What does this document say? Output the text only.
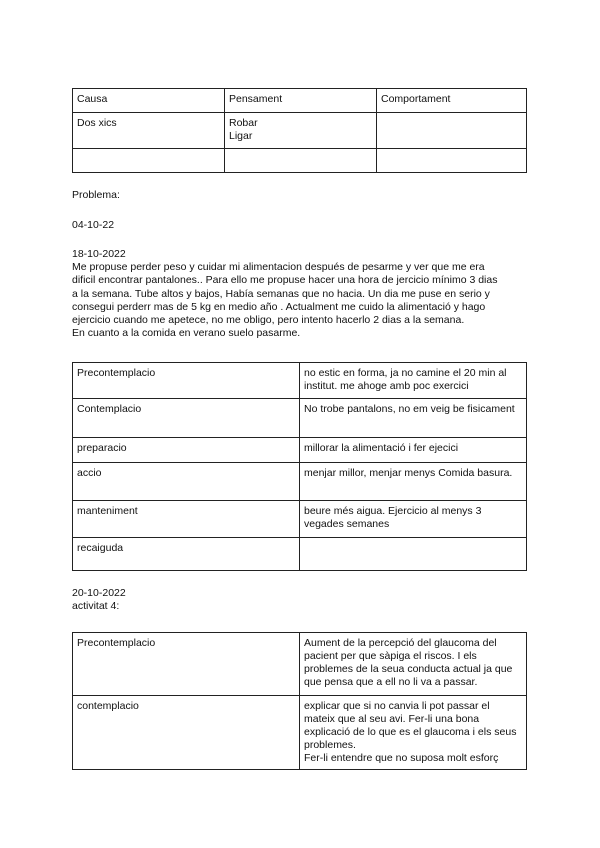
Causa	Pensament	Comportament
Dos xics	Robar
Ligar	

Problema:
04-10-22
18-10-2022
Me propuse perder peso y cuidar mi alimentacion después de pesarme y ver que me era
dificil encontrar pantalones.. Para ello me propuse hacer una hora de jercicio mínimo 3 dias
a la semana. Tube altos y bajos, Había semanas que no hacia. Un dia me puse en serio y
consegui perderr mas de 5 kg en medio año . Actualment me cuido la alimentació y hago
ejercicio cuando me apetece, no me obligo, pero intento hacerlo 2 dias a la semana.
En cuanto a la comida en verano suelo pasarme.
Precontemplacio	no estic en forma, ja no camine el 20 min al institut. me ahoge amb poc exercici
Contemplacio	No trobe pantalons, no em veig be fisicament
preparacio	millorar la alimentació i fer ejecici
accio	menjar millor, menjar menys Comida basura.
manteniment	beure més aigua. Ejercicio al menys 3 vegades semanes
recaiguda	
20-10-2022
activitat 4:
Precontemplacio	Aument de la percepció del glaucoma del pacient per que sàpiga el riscos. I els problemes de la seua conducta actual ja que que pensa que a ell no li va a passar.
contemplacio	explicar que si no canvia li pot passar el mateix que al seu avi. Fer-li una bona explicació de lo que es el glaucoma i els seus problemes.
Fer-li entendre que no suposa molt esforç
